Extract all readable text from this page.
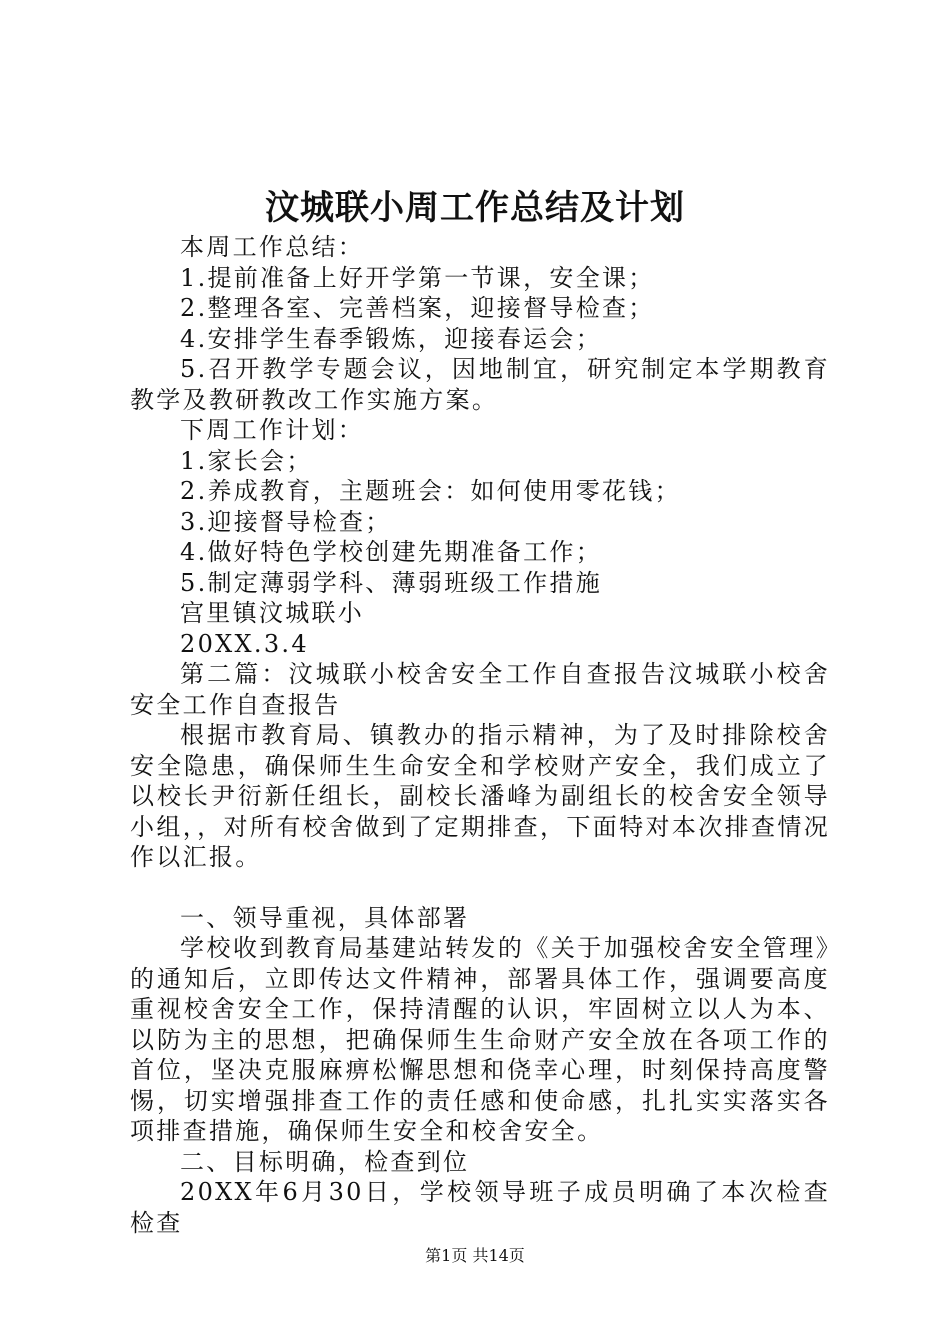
汶城联小周工作总结及计划

本周工作总结：

1.提前准备上好开学第一节课，安全课；

2.整理各室、完善档案，迎接督导检查；

4.安排学生春季锻炼，迎接春运会；

5.召开教学专题会议，因地制宜，研究制定本学期教育教学及教研教改工作实施方案。

下周工作计划：

1.家长会；

2.养成教育，主题班会：如何使用零花钱；

3.迎接督导检查；

4.做好特色学校创建先期准备工作；

5.制定薄弱学科、薄弱班级工作措施

宫里镇汶城联小

20XX.3.4

第二篇：汶城联小校舍安全工作自查报告汶城联小校舍安全工作自查报告

根据市教育局、镇教办的指示精神，为了及时排除校舍安全隐患，确保师生生命安全和学校财产安全，我们成立了以校长尹衍新任组长，副校长潘峰为副组长的校舍安全领导小组，，对所有校舍做到了定期排查，下面特对本次排查情况作以汇报。

一、领导重视，具体部署

学校收到教育局基建站转发的《关于加强校舍安全管理》的通知后，立即传达文件精神，部署具体工作，强调要高度重视校舍安全工作，保持清醒的认识，牢固树立以人为本、以防为主的思想，把确保师生生命财产安全放在各项工作的首位，坚决克服麻痹松懈思想和侥幸心理，时刻保持高度警惕，切实增强排查工作的责任感和使命感，扎扎实实落实各项排查措施，确保师生安全和校舍安全。

二、目标明确，检查到位

20XX年6月30日，学校领导班子成员明确了本次检查检查

第1页 共14页
